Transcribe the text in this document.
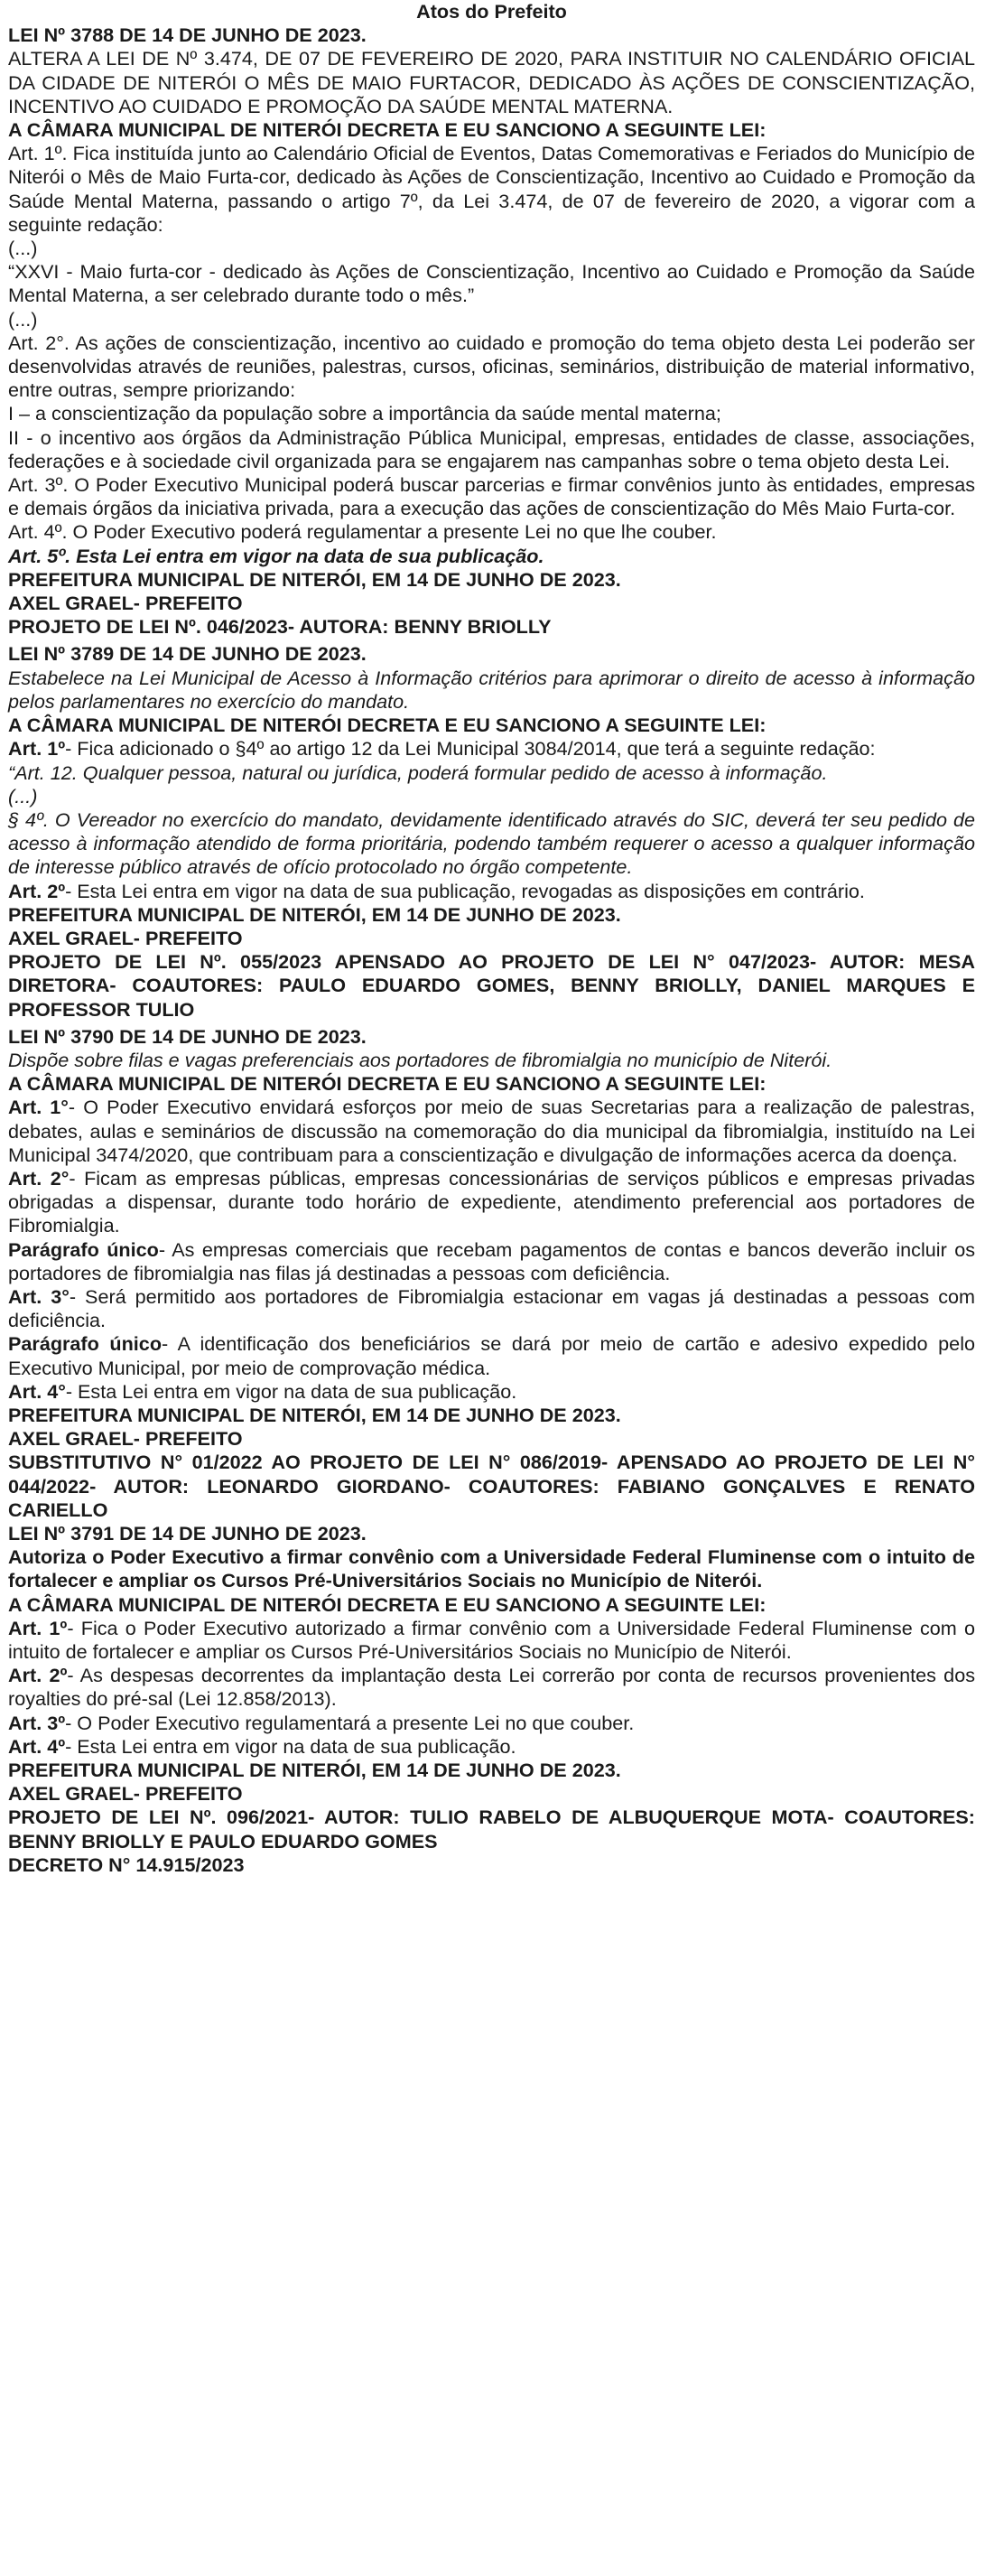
Atos do Prefeito

LEI Nº 3788 DE 14 DE JUNHO DE 2023.

ALTERA A LEI DE Nº 3.474, DE 07 DE FEVEREIRO DE 2020, PARA INSTITUIR NO CALENDÁRIO OFICIAL DA CIDADE DE NITERÓI O MÊS DE MAIO FURTACOR, DEDICADO ÀS AÇÕES DE CONSCIENTIZAÇÃO, INCENTIVO AO CUIDADO E PROMOÇÃO DA SAÚDE MENTAL MATERNA.

A CÂMARA MUNICIPAL DE NITERÓI DECRETA E EU SANCIONO A SEGUINTE LEI:

Art. 1º. Fica instituída junto ao Calendário Oficial de Eventos, Datas Comemorativas e Feriados do Município de Niterói o Mês de Maio Furta-cor, dedicado às Ações de Conscientização, Incentivo ao Cuidado e Promoção da Saúde Mental Materna, passando o artigo 7º, da Lei 3.474, de 07 de fevereiro de 2020, a vigorar com a seguinte redação:

(...)

“XXVI - Maio furta-cor - dedicado às Ações de Conscientização, Incentivo ao Cuidado e Promoção da Saúde Mental Materna, a ser celebrado durante todo o mês.”

(...)

Art. 2°. As ações de conscientização, incentivo ao cuidado e promoção do tema objeto desta Lei poderão ser desenvolvidas através de reuniões, palestras, cursos, oficinas, seminários, distribuição de material informativo, entre outras, sempre priorizando:

I – a conscientização da população sobre a importância da saúde mental materna;

II - o incentivo aos órgãos da Administração Pública Municipal, empresas, entidades de classe, associações, federações e à sociedade civil organizada para se engajarem nas campanhas sobre o tema objeto desta Lei.

Art. 3º. O Poder Executivo Municipal poderá buscar parcerias e firmar convênios junto às entidades, empresas e demais órgãos da iniciativa privada, para a execução das ações de conscientização do Mês Maio Furta-cor.

Art. 4º. O Poder Executivo poderá regulamentar a presente Lei no que lhe couber.

Art. 5º. Esta Lei entra em vigor na data de sua publicação.

PREFEITURA MUNICIPAL DE NITERÓI, EM 14 DE JUNHO DE 2023.

AXEL GRAEL- PREFEITO

PROJETO DE LEI Nº. 046/2023- AUTORA: BENNY BRIOLLY

LEI Nº 3789 DE 14 DE JUNHO DE 2023.

Estabelece na Lei Municipal de Acesso à Informação critérios para aprimorar o direito de acesso à informação pelos parlamentares no exercício do mandato.

A CÂMARA MUNICIPAL DE NITERÓI DECRETA E EU SANCIONO A SEGUINTE LEI:

Art. 1º- Fica adicionado o §4º ao artigo 12 da Lei Municipal 3084/2014, que terá a seguinte redação:

“Art. 12. Qualquer pessoa, natural ou jurídica, poderá formular pedido de acesso à informação.

(...)

§ 4º. O Vereador no exercício do mandato, devidamente identificado através do SIC, deverá ter seu pedido de acesso à informação atendido de forma prioritária, podendo também requerer o acesso a qualquer informação de interesse público através de ofício protocolado no órgão competente.

Art. 2º- Esta Lei entra em vigor na data de sua publicação, revogadas as disposições em contrário.

PREFEITURA MUNICIPAL DE NITERÓI, EM 14 DE JUNHO DE 2023.

AXEL GRAEL- PREFEITO

PROJETO DE LEI Nº. 055/2023 APENSADO AO PROJETO DE LEI N° 047/2023- AUTOR: MESA DIRETORA- COAUTORES: PAULO EDUARDO GOMES, BENNY BRIOLLY, DANIEL MARQUES E PROFESSOR TULIO

LEI Nº 3790 DE 14 DE JUNHO DE 2023.

Dispõe sobre filas e vagas preferenciais aos portadores de fibromialgia no município de Niterói.

A CÂMARA MUNICIPAL DE NITERÓI DECRETA E EU SANCIONO A SEGUINTE LEI:

Art. 1°- O Poder Executivo envidará esforços por meio de suas Secretarias para a realização de palestras, debates, aulas e seminários de discussão na comemoração do dia municipal da fibromialgia, instituído na Lei Municipal 3474/2020, que contribuam para a conscientização e divulgação de informações acerca da doença.

Art. 2°- Ficam as empresas públicas, empresas concessionárias de serviços públicos e empresas privadas obrigadas a dispensar, durante todo horário de expediente, atendimento preferencial aos portadores de Fibromialgia.

Parágrafo único- As empresas comerciais que recebam pagamentos de contas e bancos deverão incluir os portadores de fibromialgia nas filas já destinadas a pessoas com deficiência.

Art. 3°- Será permitido aos portadores de Fibromialgia estacionar em vagas já destinadas a pessoas com deficiência.

Parágrafo único- A identificação dos beneficiários se dará por meio de cartão e adesivo expedido pelo Executivo Municipal, por meio de comprovação médica.

Art. 4°- Esta Lei entra em vigor na data de sua publicação.

PREFEITURA MUNICIPAL DE NITERÓI, EM 14 DE JUNHO DE 2023.

AXEL GRAEL- PREFEITO

SUBSTITUTIVO N° 01/2022 AO PROJETO DE LEI N° 086/2019- APENSADO AO PROJETO DE LEI N° 044/2022- AUTOR: LEONARDO GIORDANO- COAUTORES: FABIANO GONÇALVES E RENATO CARIELLO

LEI Nº 3791 DE 14 DE JUNHO DE 2023.

Autoriza o Poder Executivo a firmar convênio com a Universidade Federal Fluminense com o intuito de fortalecer e ampliar os Cursos Pré-Universitários Sociais no Município de Niterói.

A CÂMARA MUNICIPAL DE NITERÓI DECRETA E EU SANCIONO A SEGUINTE LEI:

Art. 1º- Fica o Poder Executivo autorizado a firmar convênio com a Universidade Federal Fluminense com o intuito de fortalecer e ampliar os Cursos Pré-Universitários Sociais no Município de Niterói.

Art. 2º- As despesas decorrentes da implantação desta Lei correrão por conta de recursos provenientes dos royalties do pré-sal (Lei 12.858/2013).

Art. 3º- O Poder Executivo regulamentará a presente Lei no que couber.

Art. 4º- Esta Lei entra em vigor na data de sua publicação.

PREFEITURA MUNICIPAL DE NITERÓI, EM 14 DE JUNHO DE 2023.

AXEL GRAEL- PREFEITO

PROJETO DE LEI Nº. 096/2021- AUTOR: TULIO RABELO DE ALBUQUERQUE MOTA- COAUTORES: BENNY BRIOLLY E PAULO EDUARDO GOMES

DECRETO N° 14.915/2023
